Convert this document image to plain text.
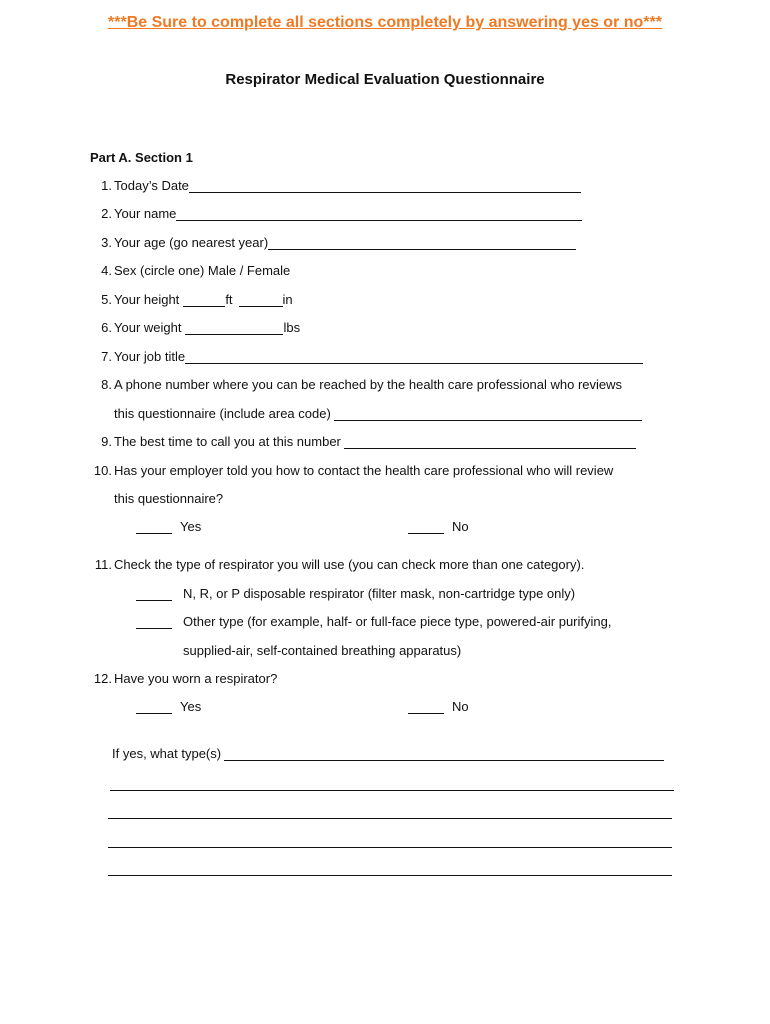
***Be Sure to complete all sections completely by answering yes or no***
Respirator Medical Evaluation Questionnaire
Part A. Section 1
1. Today’s Date
2. Your name
3. Your age (go nearest year)
4. Sex (circle one) Male / Female
5. Your height	ft	in
6. Your weight	lbs
7. Your job title
8. A phone number where you can be reached by the health care professional who reviews
this questionnaire (include area code)
9. The best time to call you at this number
10. Has your employer told you how to contact the health care professional who will review
this questionnaire?
Yes	No
11. Check the type of respirator you will use (you can check more than one category).
N, R, or P disposable respirator (filter mask, non-cartridge type only)
Other type (for example, half- or full-face piece type, powered-air purifying,
supplied-air, self-contained breathing apparatus)
12. Have you worn a respirator?
Yes	No
If yes, what type(s)
